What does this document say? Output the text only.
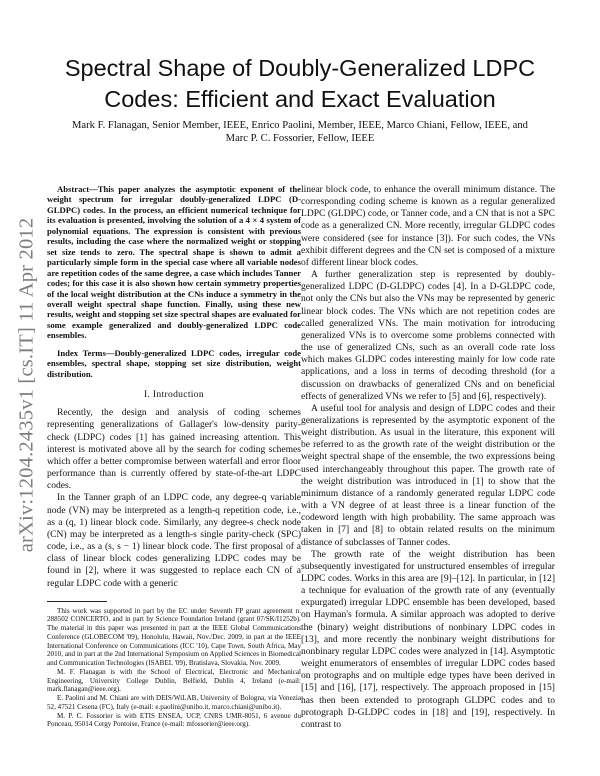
arXiv:1204.2435v1 [cs.IT] 11 Apr 2012
Spectral Shape of Doubly-Generalized LDPC Codes: Efficient and Exact Evaluation
Mark F. Flanagan, Senior Member, IEEE, Enrico Paolini, Member, IEEE, Marco Chiani, Fellow, IEEE, and Marc P. C. Fossorier, Fellow, IEEE

Abstract—This paper analyzes the asymptotic exponent of the weight spectrum for irregular doubly-generalized LDPC (D-GLDPC) codes. In the process, an efficient numerical technique for its evaluation is presented, involving the solution of a 4 × 4 system of polynomial equations. The expression is consistent with previous results, including the case where the normalized weight or stopping set size tends to zero. The spectral shape is shown to admit a particularly simple form in the special case where all variable nodes are repetition codes of the same degree, a case which includes Tanner codes; for this case it is also shown how certain symmetry properties of the local weight distribution at the CNs induce a symmetry in the overall weight spectral shape function. Finally, using these new results, weight and stopping set size spectral shapes are evaluated for some example generalized and doubly-generalized LDPC code ensembles.

Index Terms—Doubly-generalized LDPC codes, irregular code ensembles, spectral shape, stopping set size distribution, weight distribution.

I. Introduction

Recently, the design and analysis of coding schemes representing generalizations of Gallager's low-density parity-check (LDPC) codes [1] has gained increasing attention. This interest is motivated above all by the search for coding schemes which offer a better compromise between waterfall and error floor performance than is currently offered by state-of-the-art LDPC codes.

In the Tanner graph of an LDPC code, any degree-q variable node (VN) may be interpreted as a length-q repetition code, i.e., as a (q, 1) linear block code. Similarly, any degree-s check node (CN) may be interpreted as a length-s single parity-check (SPC) code, i.e., as a (s, s − 1) linear block code. The first proposal of a class of linear block codes generalizing LDPC codes may be found in [2], where it was suggested to replace each CN of a regular LDPC code with a generic

This work was supported in part by the EC under Seventh FP grant agreement n. 288502 CONCERTO, and in part by Science Foundation Ireland (grant 07/SK/I1252b). The material in this paper was presented in part at the IEEE Global Communications Conference (GLOBECOM '09), Honolulu, Hawaii, Nov./Dec. 2009, in part at the IEEE International Conference on Communications (ICC '10), Cape Town, South Africa, May 2010, and in part at the 2nd International Symposium on Applied Sciences in Biomedical and Communication Technologies (ISABEL '09), Bratislava, Slovakia, Nov. 2009.

M. F. Flanagan is with the School of Electrical, Electronic and Mechanical Engineering, University College Dublin, Belfield, Dublin 4, Ireland (e-mail: mark.flanagan@ieee.org).

E. Paolini and M. Chiani are with DEIS/WiLAB, University of Bologna, via Venezia 52, 47521 Cesena (FC), Italy (e-mail: e.paolini@unibo.it, marco.chiani@unibo.it).

M. P. C. Fossorier is with ETIS ENSEA, UCP, CNRS UMR-8051, 6 avenue du Ponceau, 95014 Cergy Pontoise, France (e-mail: mfossorier@ieee.org).

linear block code, to enhance the overall minimum distance. The corresponding coding scheme is known as a regular generalized LDPC (GLDPC) code, or Tanner code, and a CN that is not a SPC code as a generalized CN. More recently, irregular GLDPC codes were considered (see for instance [3]). For such codes, the VNs exhibit different degrees and the CN set is composed of a mixture of different linear block codes.

A further generalization step is represented by doubly-generalized LDPC (D-GLDPC) codes [4]. In a D-GLDPC code, not only the CNs but also the VNs may be represented by generic linear block codes. The VNs which are not repetition codes are called generalized VNs. The main motivation for introducing generalized VNs is to overcome some problems connected with the use of generalized CNs, such as an overall code rate loss which makes GLDPC codes interesting mainly for low code rate applications, and a loss in terms of decoding threshold (for a discussion on drawbacks of generalized CNs and on beneficial effects of generalized VNs we refer to [5] and [6], respectively).

A useful tool for analysis and design of LDPC codes and their generalizations is represented by the asymptotic exponent of the weight distribution. As usual in the literature, this exponent will be referred to as the growth rate of the weight distribution or the weight spectral shape of the ensemble, the two expressions being used interchangeably throughout this paper. The growth rate of the weight distribution was introduced in [1] to show that the minimum distance of a randomly generated regular LDPC code with a VN degree of at least three is a linear function of the codeword length with high probability. The same approach was taken in [7] and [8] to obtain related results on the minimum distance of subclasses of Tanner codes.

The growth rate of the weight distribution has been subsequently investigated for unstructured ensembles of irregular LDPC codes. Works in this area are [9]–[12]. In particular, in [12] a technique for evaluation of the growth rate of any (eventually expurgated) irregular LDPC ensemble has been developed, based on Hayman's formula. A similar approach was adopted to derive the (binary) weight distributions of nonbinary LDPC codes in [13], and more recently the nonbinary weight distributions for nonbinary regular LDPC codes were analyzed in [14]. Asymptotic weight enumerators of ensembles of irregular LDPC codes based on protographs and on multiple edge types have been derived in [15] and [16], [17], respectively. The approach proposed in [15] has then been extended to protograph GLDPC codes and to protograph D-GLDPC codes in [18] and [19], respectively. In contrast to
